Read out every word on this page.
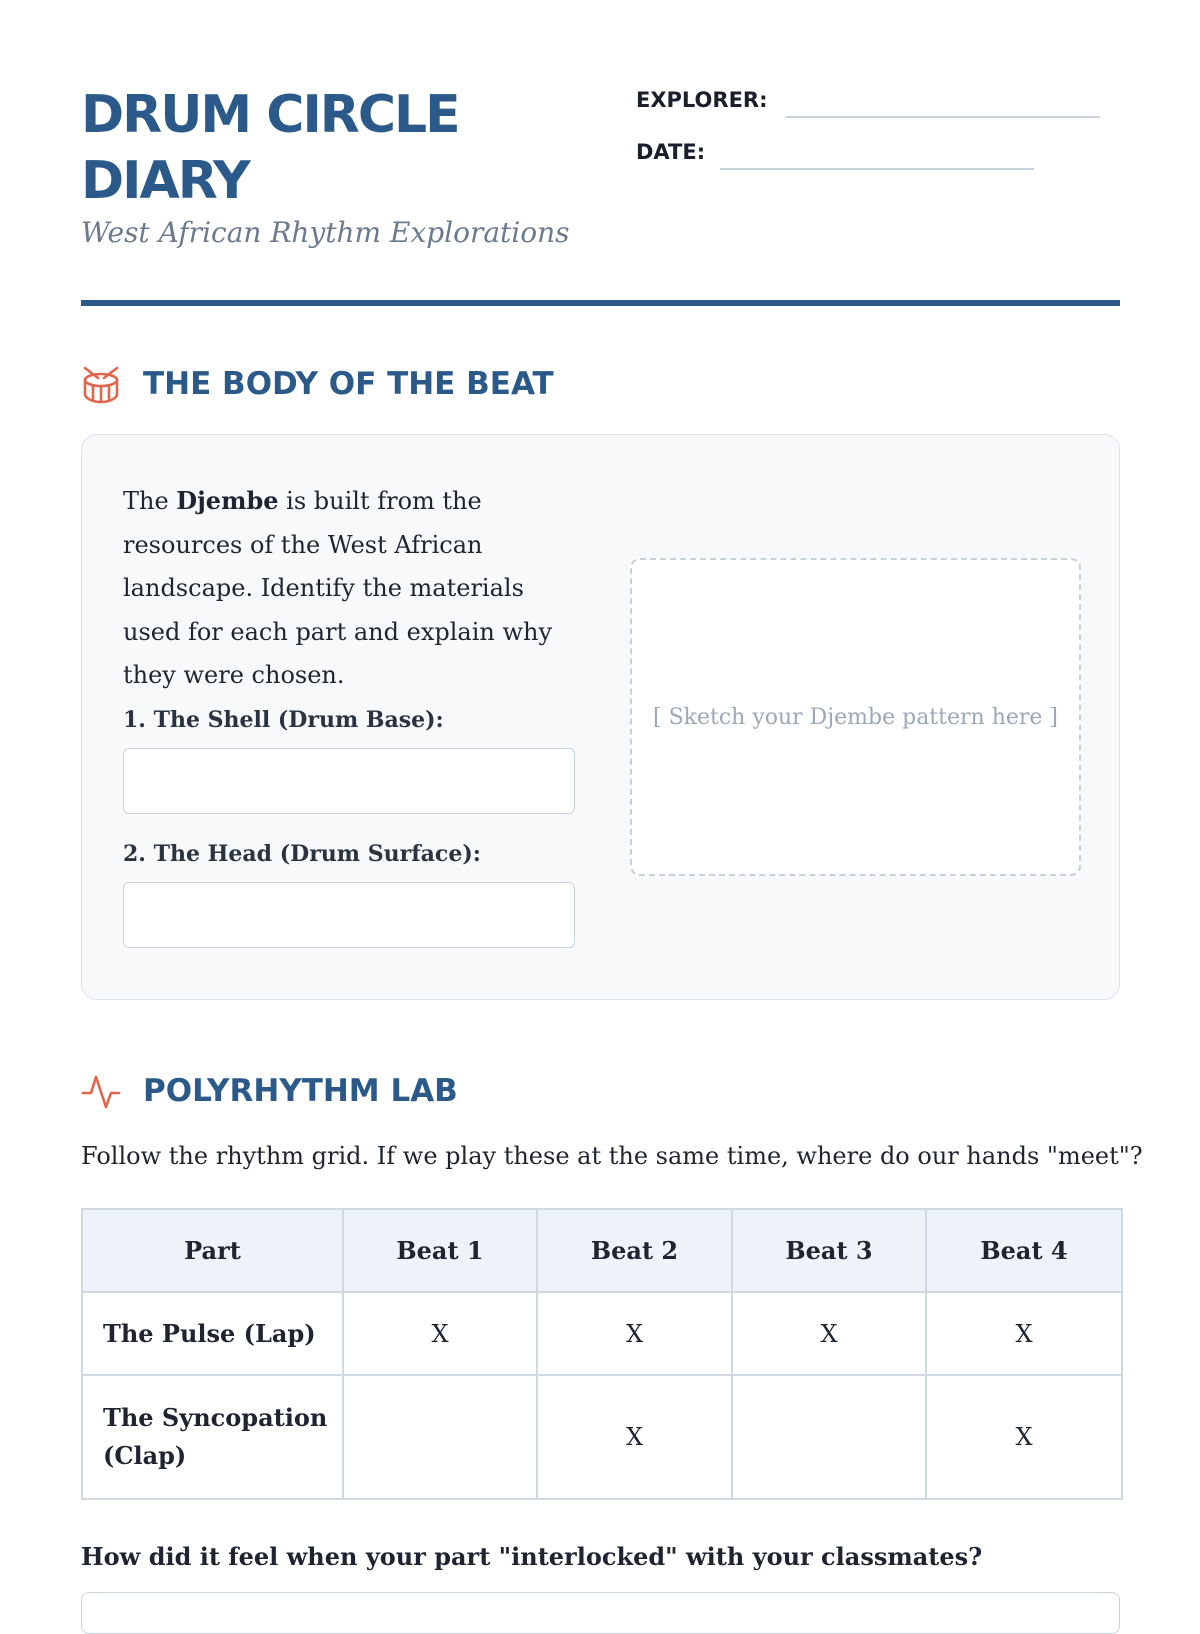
DRUM CIRCLE
DIARY
West African Rhythm Explorations
EXPLORER:
DATE:
THE BODY OF THE BEAT

The Djembe is built from the resources of the West African landscape. Identify the materials used for each part and explain why they were chosen.

1. The Shell (Drum Base):
2. The Head (Drum Surface):
[ Sketch your Djembe pattern here ]
POLYRHYTHM LAB
Follow the rhythm grid. If we play these at the same time, where do our hands "meet"?
Part	Beat 1	Beat 2	Beat 3	Beat 4
The Pulse (Lap)	X	X	X	X
The Syncopation (Clap)		X		X
How did it feel when your part "interlocked" with your classmates?
